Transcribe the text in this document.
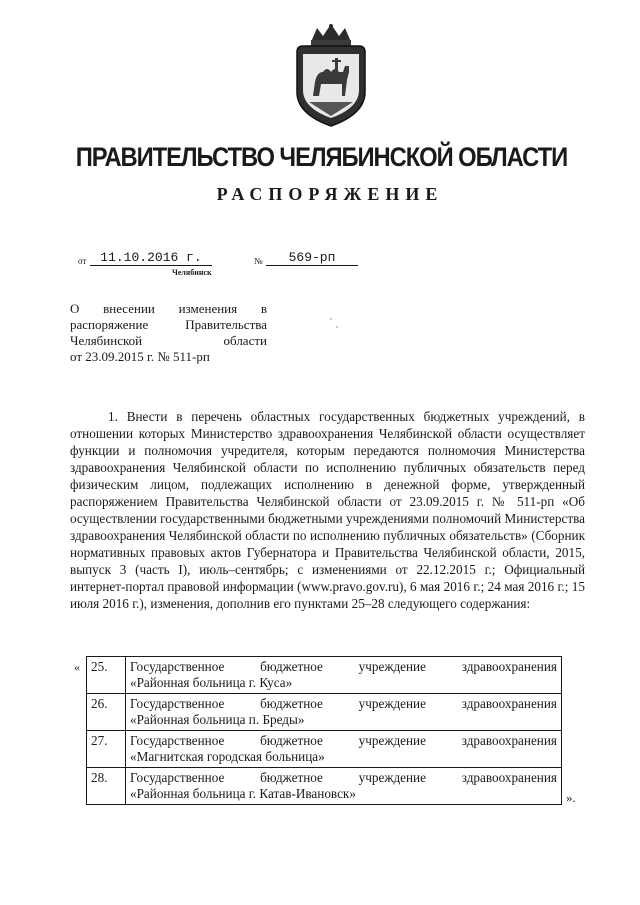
ПРАВИТЕЛЬСТВО ЧЕЛЯБИНСКОЙ ОБЛАСТИ
РАСПОРЯЖЕНИЕ
от	11.10.2016 г.	№	569-рп
Челябинск
О внесении изменения в
распоряжение	Правительства
Челябинской	области
от 23.09.2015 г. № 511-рп

1. Внести в перечень областных государственных бюджетных учреждений, в отношении которых Министерство здравоохранения Челябинской области осуществляет функции и полномочия учредителя, которым передаются полномочия Министерства здравоохранения Челябинской области по исполнению публичных обязательств перед физическим лицом, подлежащих исполнению в денежной форме, утвержденный распоряжением Правительства Челябинской области от 23.09.2015 г. № 511-рп «Об осуществлении государственными бюджетными учреждениями полномочий Министерства здравоохранения Челябинской области по исполнению публичных обязательств» (Сборник нормативных правовых актов Губернатора и Правительства Челябинской области, 2015, выпуск 3 (часть I), июль–сентябрь; с изменениями от 22.12.2015 г.; Официальный интернет-портал правовой информации (www.pravo.gov.ru), 6 мая 2016 г.; 24 мая 2016 г.; 15 июля 2016 г.), изменения, дополнив его пунктами 25–28 следующего содержания:

« 25.	Государственное бюджетное учреждение здравоохранения
«Районная больница г. Куса»

26.	Государственное бюджетное учреждение здравоохранения
«Районная больница п. Бреды»

27.	Государственное бюджетное учреждение здравоохранения
«Магнитская городская больница»

28.	Государственное бюджетное учреждение здравоохранения
«Районная больница г. Катав-Ивановск»	».
